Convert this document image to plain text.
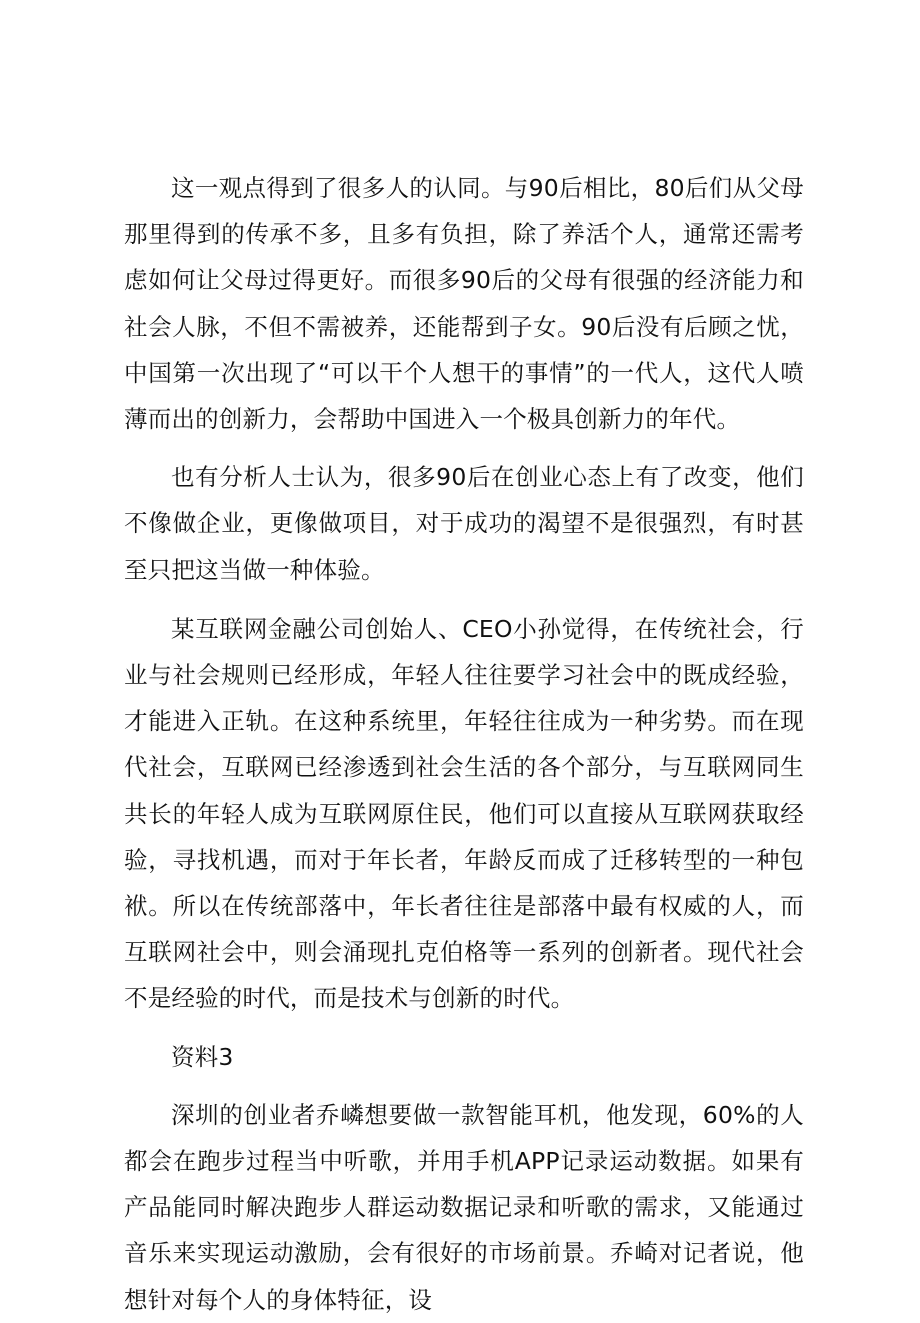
这一观点得到了很多人的认同。与90后相比，80后们从父母那里得到的传承不多，且多有负担，除了养活个人，通常还需考虑如何让父母过得更好。而很多90后的父母有很强的经济能力和社会人脉，不但不需被养，还能帮到子女。90后没有后顾之忧，中国第一次出现了“可以干个人想干的事情”的一代人，这代人喷薄而出的创新力，会帮助中国进入一个极具创新力的年代。

也有分析人士认为，很多90后在创业心态上有了改变，他们不像做企业，更像做项目，对于成功的渴望不是很强烈，有时甚至只把这当做一种体验。

某互联网金融公司创始人、CEO小孙觉得，在传统社会，行业与社会规则已经形成，年轻人往往要学习社会中的既成经验，才能进入正轨。在这种系统里，年轻往往成为一种劣势。而在现代社会，互联网已经渗透到社会生活的各个部分，与互联网同生共长的年轻人成为互联网原住民，他们可以直接从互联网获取经验，寻找机遇，而对于年长者，年龄反而成了迁移转型的一种包袱。所以在传统部落中，年长者往往是部落中最有权威的人，而互联网社会中，则会涌现扎克伯格等一系列的创新者。现代社会不是经验的时代，而是技术与创新的时代。

资料3

深圳的创业者乔嶙想要做一款智能耳机，他发现，60%的人都会在跑步过程当中听歌，并用手机APP记录运动数据。如果有产品能同时解决跑步人群运动数据记录和听歌的需求，又能通过音乐来实现运动激励，会有很好的市场前景。乔崎对记者说，他想针对每个人的身体特征，设
